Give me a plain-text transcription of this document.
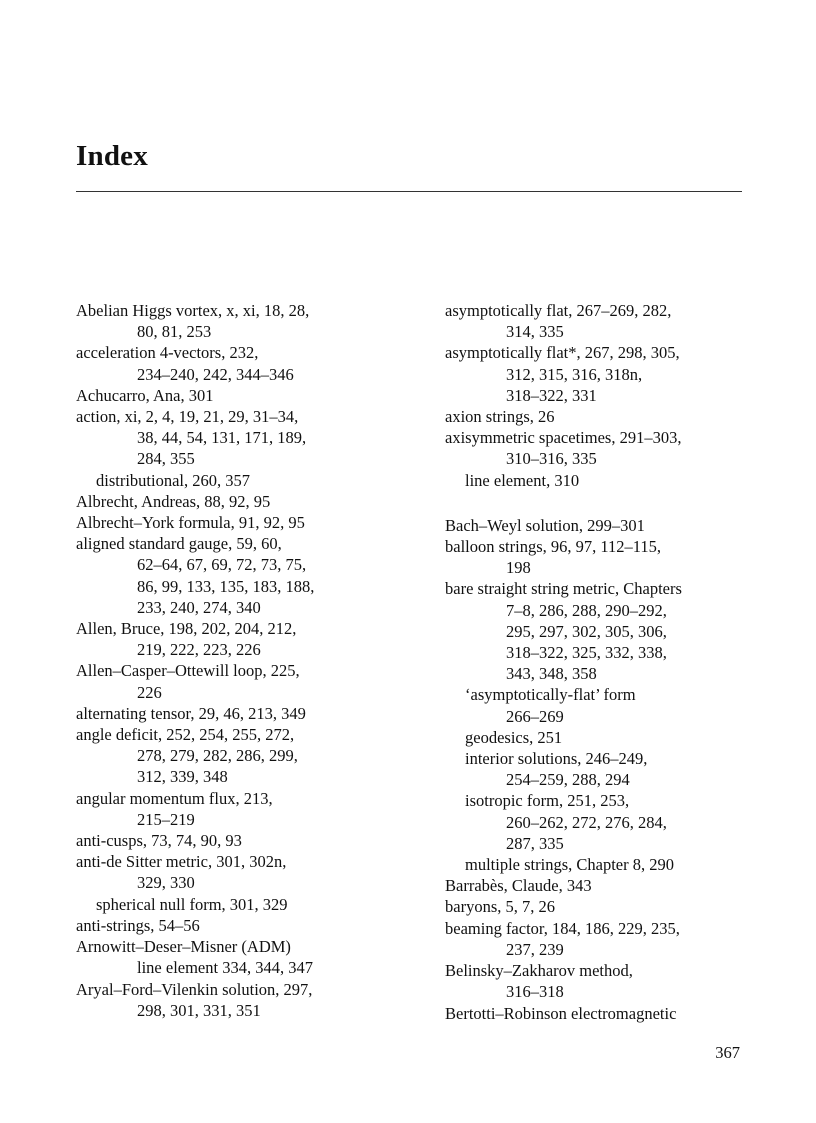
Index
Abelian Higgs vortex, x, xi, 18, 28,
80, 81, 253
acceleration 4-vectors, 232,
234–240, 242, 344–346
Achucarro, Ana, 301
action, xi, 2, 4, 19, 21, 29, 31–34,
38, 44, 54, 131, 171, 189,
284, 355
distributional, 260, 357
Albrecht, Andreas, 88, 92, 95
Albrecht–York formula, 91, 92, 95
aligned standard gauge, 59, 60,
62–64, 67, 69, 72, 73, 75,
86, 99, 133, 135, 183, 188,
233, 240, 274, 340
Allen, Bruce, 198, 202, 204, 212,
219, 222, 223, 226
Allen–Casper–Ottewill loop, 225,
226
alternating tensor, 29, 46, 213, 349
angle deficit, 252, 254, 255, 272,
278, 279, 282, 286, 299,
312, 339, 348
angular momentum flux, 213,
215–219
anti-cusps, 73, 74, 90, 93
anti-de Sitter metric, 301, 302n,
329, 330
spherical null form, 301, 329
anti-strings, 54–56
Arnowitt–Deser–Misner (ADM)
line element 334, 344, 347
Aryal–Ford–Vilenkin solution, 297,
298, 301, 331, 351
asymptotically flat, 267–269, 282,
314, 335
asymptotically flat*, 267, 298, 305,
312, 315, 316, 318n,
318–322, 331
axion strings, 26
axisymmetric spacetimes, 291–303,
310–316, 335
line element, 310
Bach–Weyl solution, 299–301
balloon strings, 96, 97, 112–115,
198
bare straight string metric, Chapters
7–8, 286, 288, 290–292,
295, 297, 302, 305, 306,
318–322, 325, 332, 338,
343, 348, 358
‘asymptotically-flat’ form
266–269
geodesics, 251
interior solutions, 246–249,
254–259, 288, 294
isotropic form, 251, 253,
260–262, 272, 276, 284,
287, 335
multiple strings, Chapter 8, 290
Barrabès, Claude, 343
baryons, 5, 7, 26
beaming factor, 184, 186, 229, 235,
237, 239
Belinsky–Zakharov method,
316–318
Bertotti–Robinson electromagnetic
367
